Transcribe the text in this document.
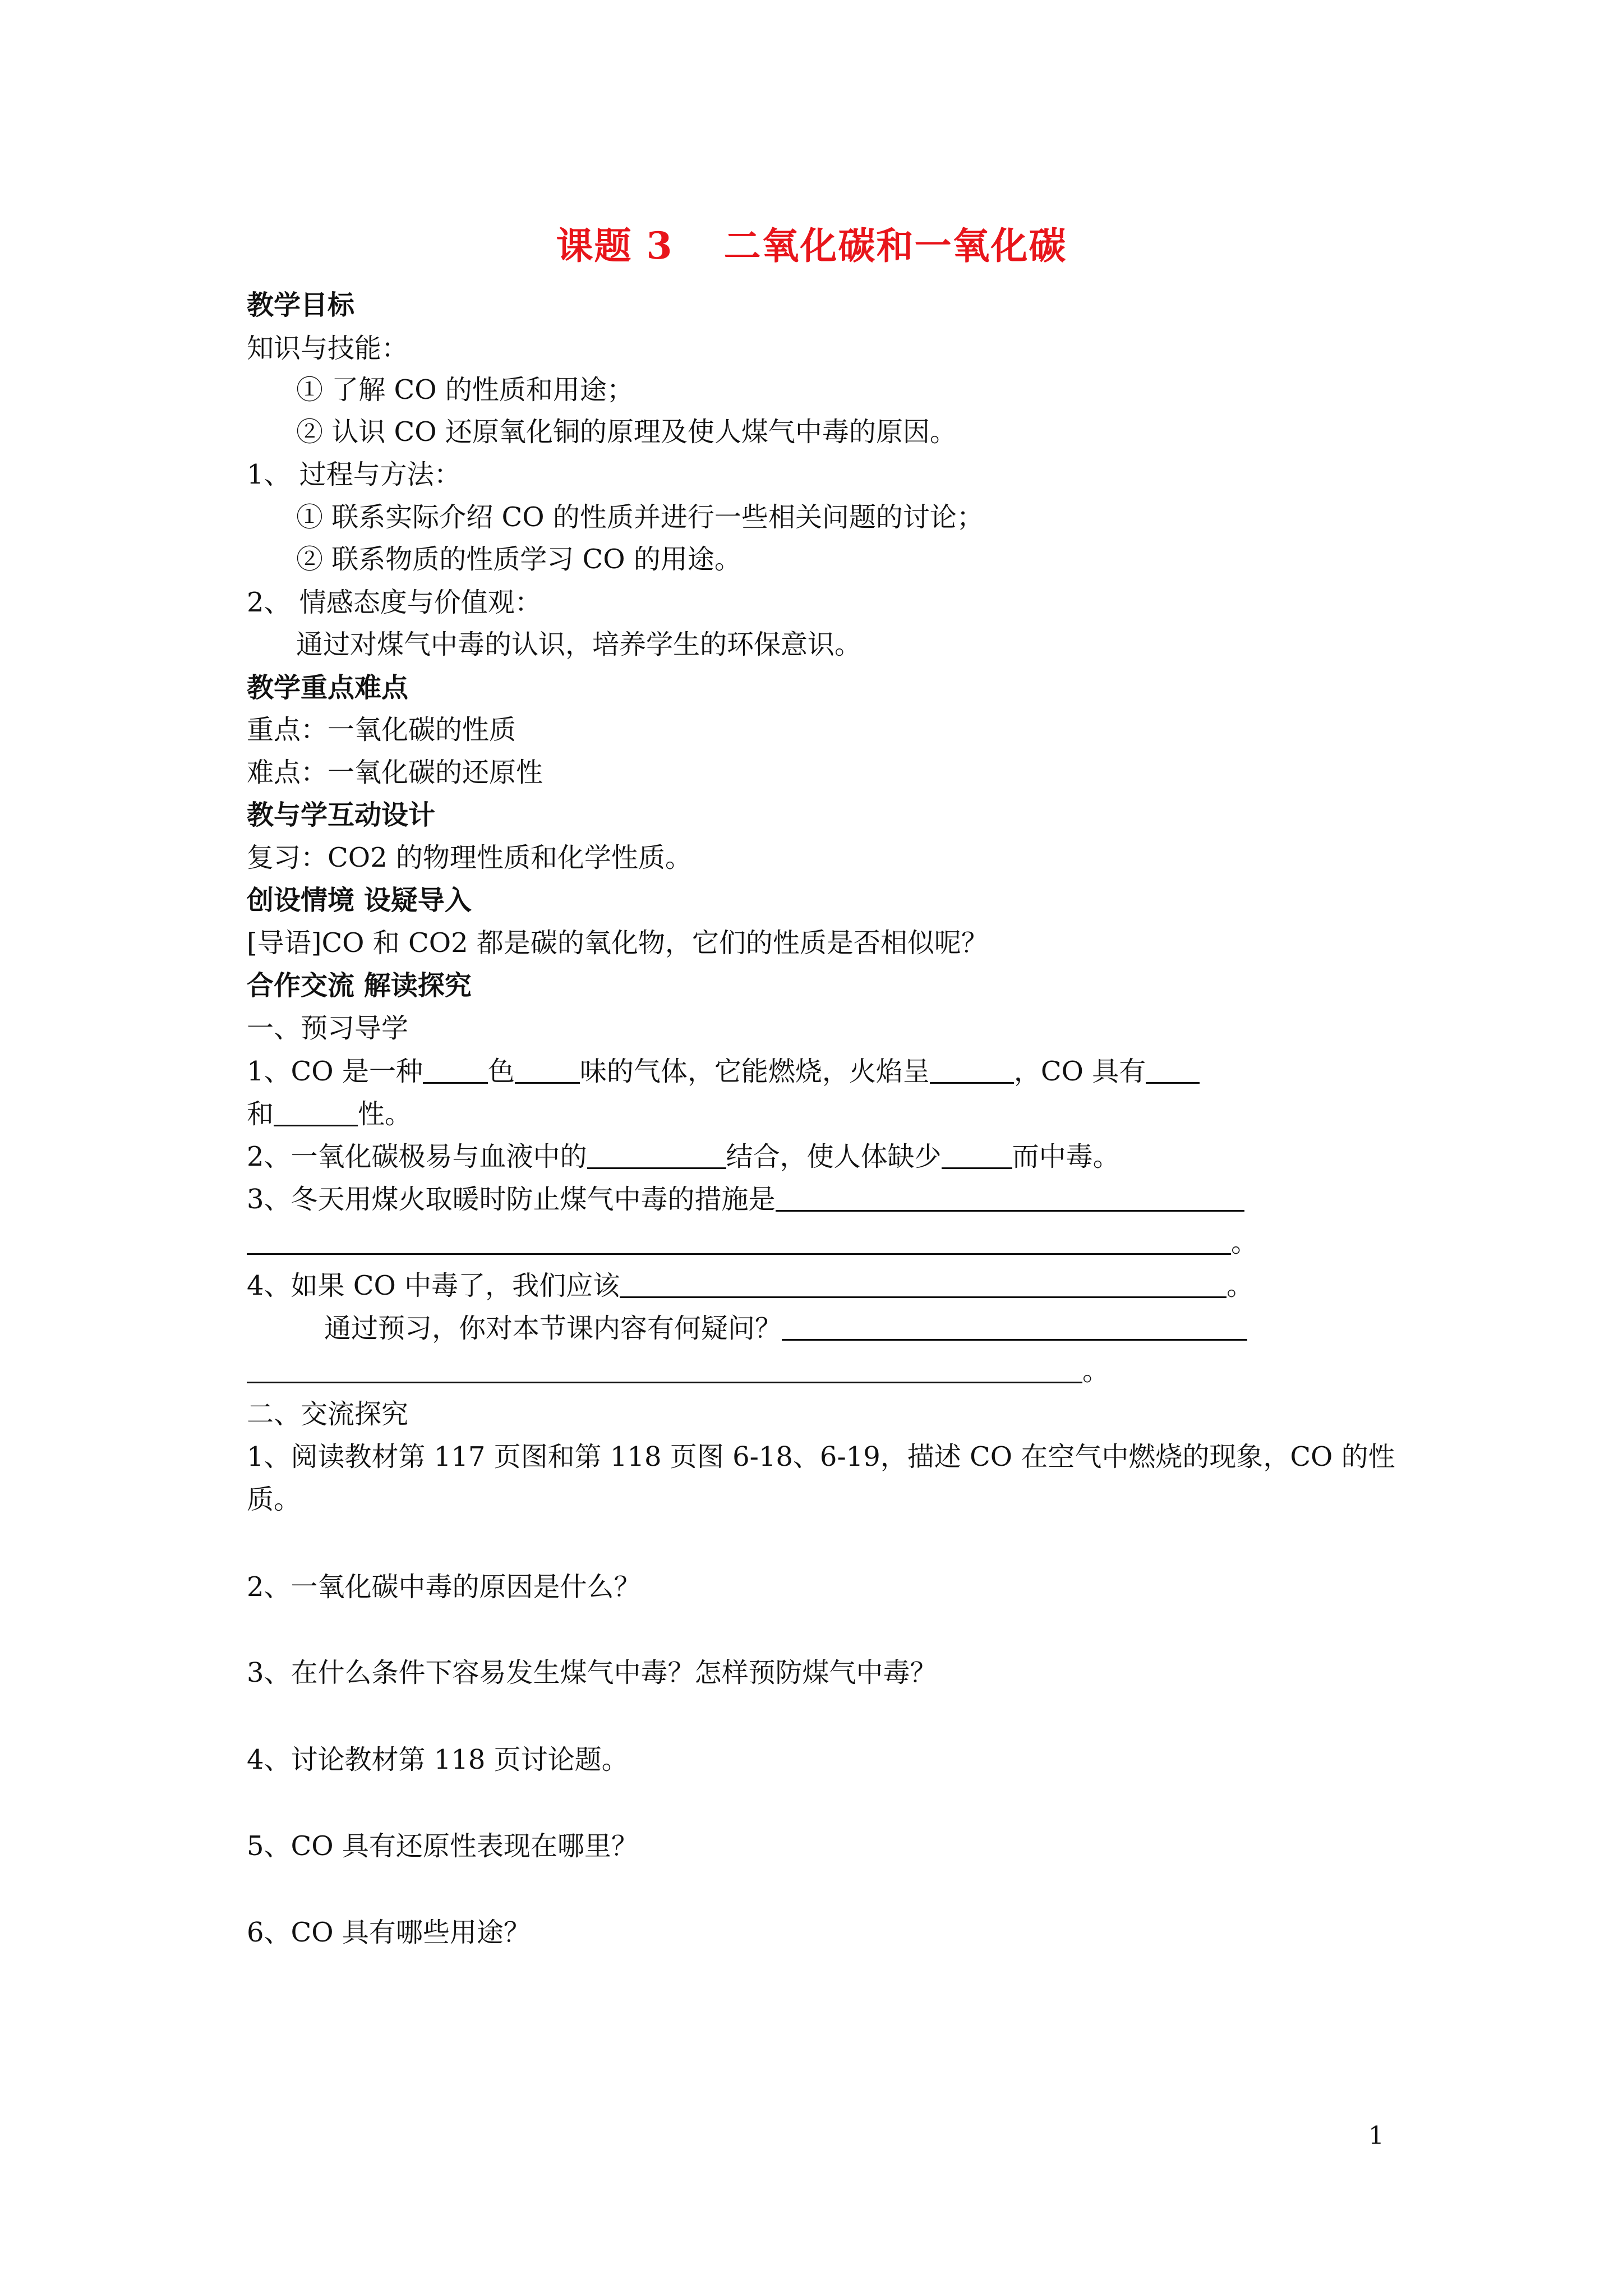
课题 3 二氧化碳和一氧化碳
教学目标
知识与技能：
① 了解 CO 的性质和用途；
② 认识 CO 还原氧化铜的原理及使人煤气中毒的原因。
1、 过程与方法：
① 联系实际介绍 CO 的性质并进行一些相关问题的讨论；
② 联系物质的性质学习 CO 的用途。
2、 情感态度与价值观：
通过对煤气中毒的认识，培养学生的环保意识。
教学重点难点
重点：一氧化碳的性质
难点：一氧化碳的还原性
教与学互动设计
复习：CO2 的物理性质和化学性质。
创设情境 设疑导入
[导语]CO 和 CO2 都是碳的氧化物，它们的性质是否相似呢？
合作交流 解读探究
一、预习导学
1、CO 是一种 色 味的气体，它能燃烧，火焰呈	，CO 具有
和	性。
2、一氧化碳极易与血液中的	结合，使人体缺少	而中毒。
3、冬天用煤火取暖时防止煤气中毒的措施是
。
4、如果 CO 中毒了，我们应该	。
通过预习，你对本节课内容有何疑问？
。
二、交流探究
1、阅读教材第 117 页图和第 118 页图 6-18、6-19，描述 CO 在空气中燃烧的现象，CO 的性
质。
2、一氧化碳中毒的原因是什么？
3、在什么条件下容易发生煤气中毒？怎样预防煤气中毒？
4、讨论教材第 118 页讨论题。
5、CO 具有还原性表现在哪里？
6、CO 具有哪些用途？
1
